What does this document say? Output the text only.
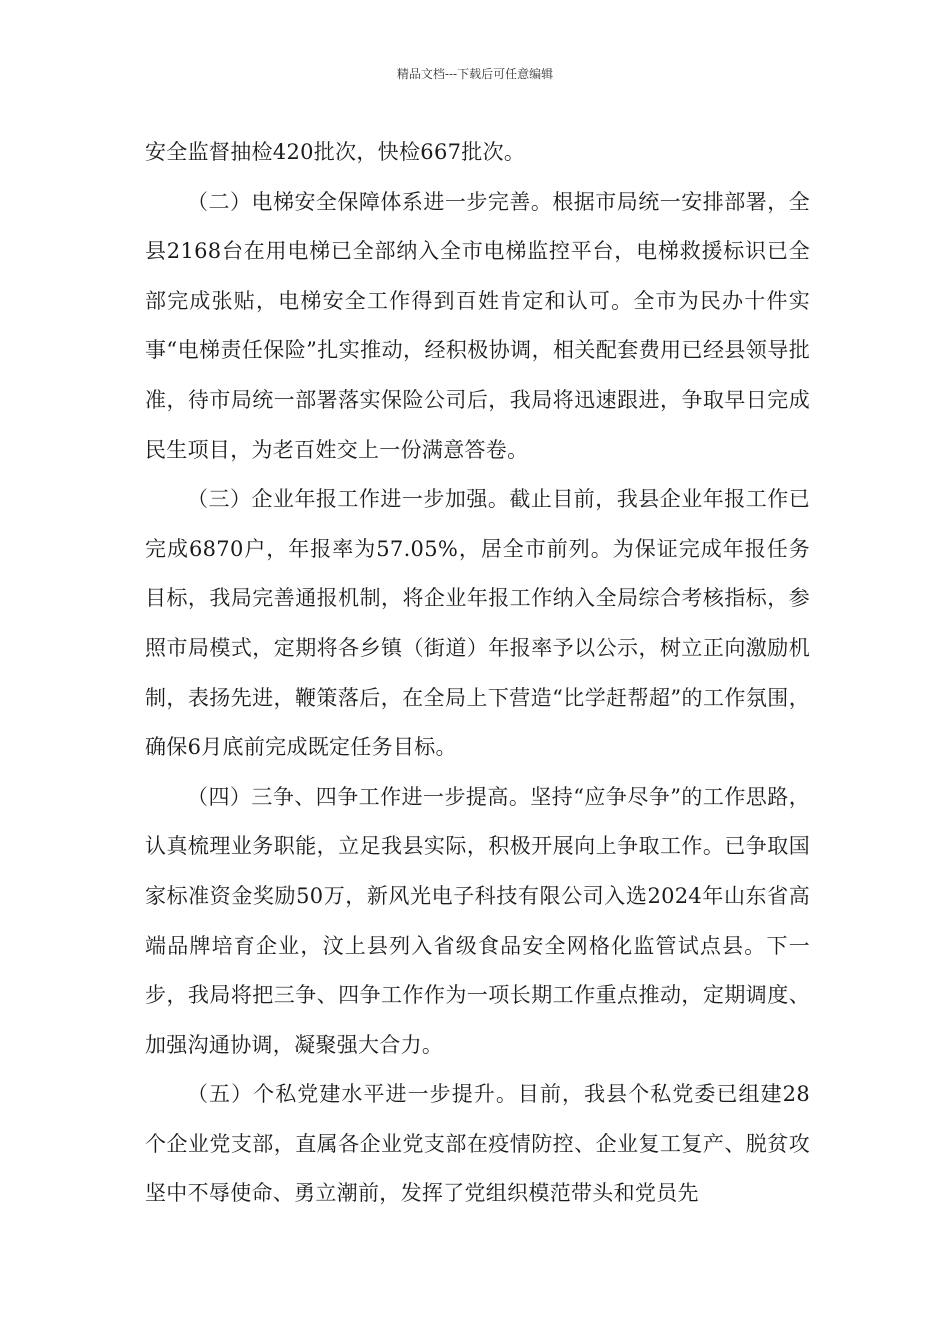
精品文档---下载后可任意编辑

安全监督抽检420批次，快检667批次。

（二）电梯安全保障体系进一步完善。根据市局统一安排部署，全县2168台在用电梯已全部纳入全市电梯监控平台，电梯救援标识已全部完成张贴，电梯安全工作得到百姓肯定和认可。全市为民办十件实事“电梯责任保险”扎实推动，经积极协调，相关配套费用已经县领导批准，待市局统一部署落实保险公司后，我局将迅速跟进，争取早日完成民生项目，为老百姓交上一份满意答卷。

（三）企业年报工作进一步加强。截止目前，我县企业年报工作已完成6870户，年报率为57.05%，居全市前列。为保证完成年报任务目标，我局完善通报机制，将企业年报工作纳入全局综合考核指标，参照市局模式，定期将各乡镇（街道）年报率予以公示，树立正向激励机制，表扬先进，鞭策落后，在全局上下营造“比学赶帮超”的工作氛围，确保6月底前完成既定任务目标。

（四）三争、四争工作进一步提高。坚持“应争尽争”的工作思路，认真梳理业务职能，立足我县实际，积极开展向上争取工作。已争取国家标准资金奖励50万，新风光电子科技有限公司入选2024年山东省高端品牌培育企业，汶上县列入省级食品安全网格化监管试点县。下一步，我局将把三争、四争工作作为一项长期工作重点推动，定期调度、加强沟通协调，凝聚强大合力。

（五）个私党建水平进一步提升。目前，我县个私党委已组建28个企业党支部，直属各企业党支部在疫情防控、企业复工复产、脱贫攻坚中不辱使命、勇立潮前，发挥了党组织模范带头和党员先
